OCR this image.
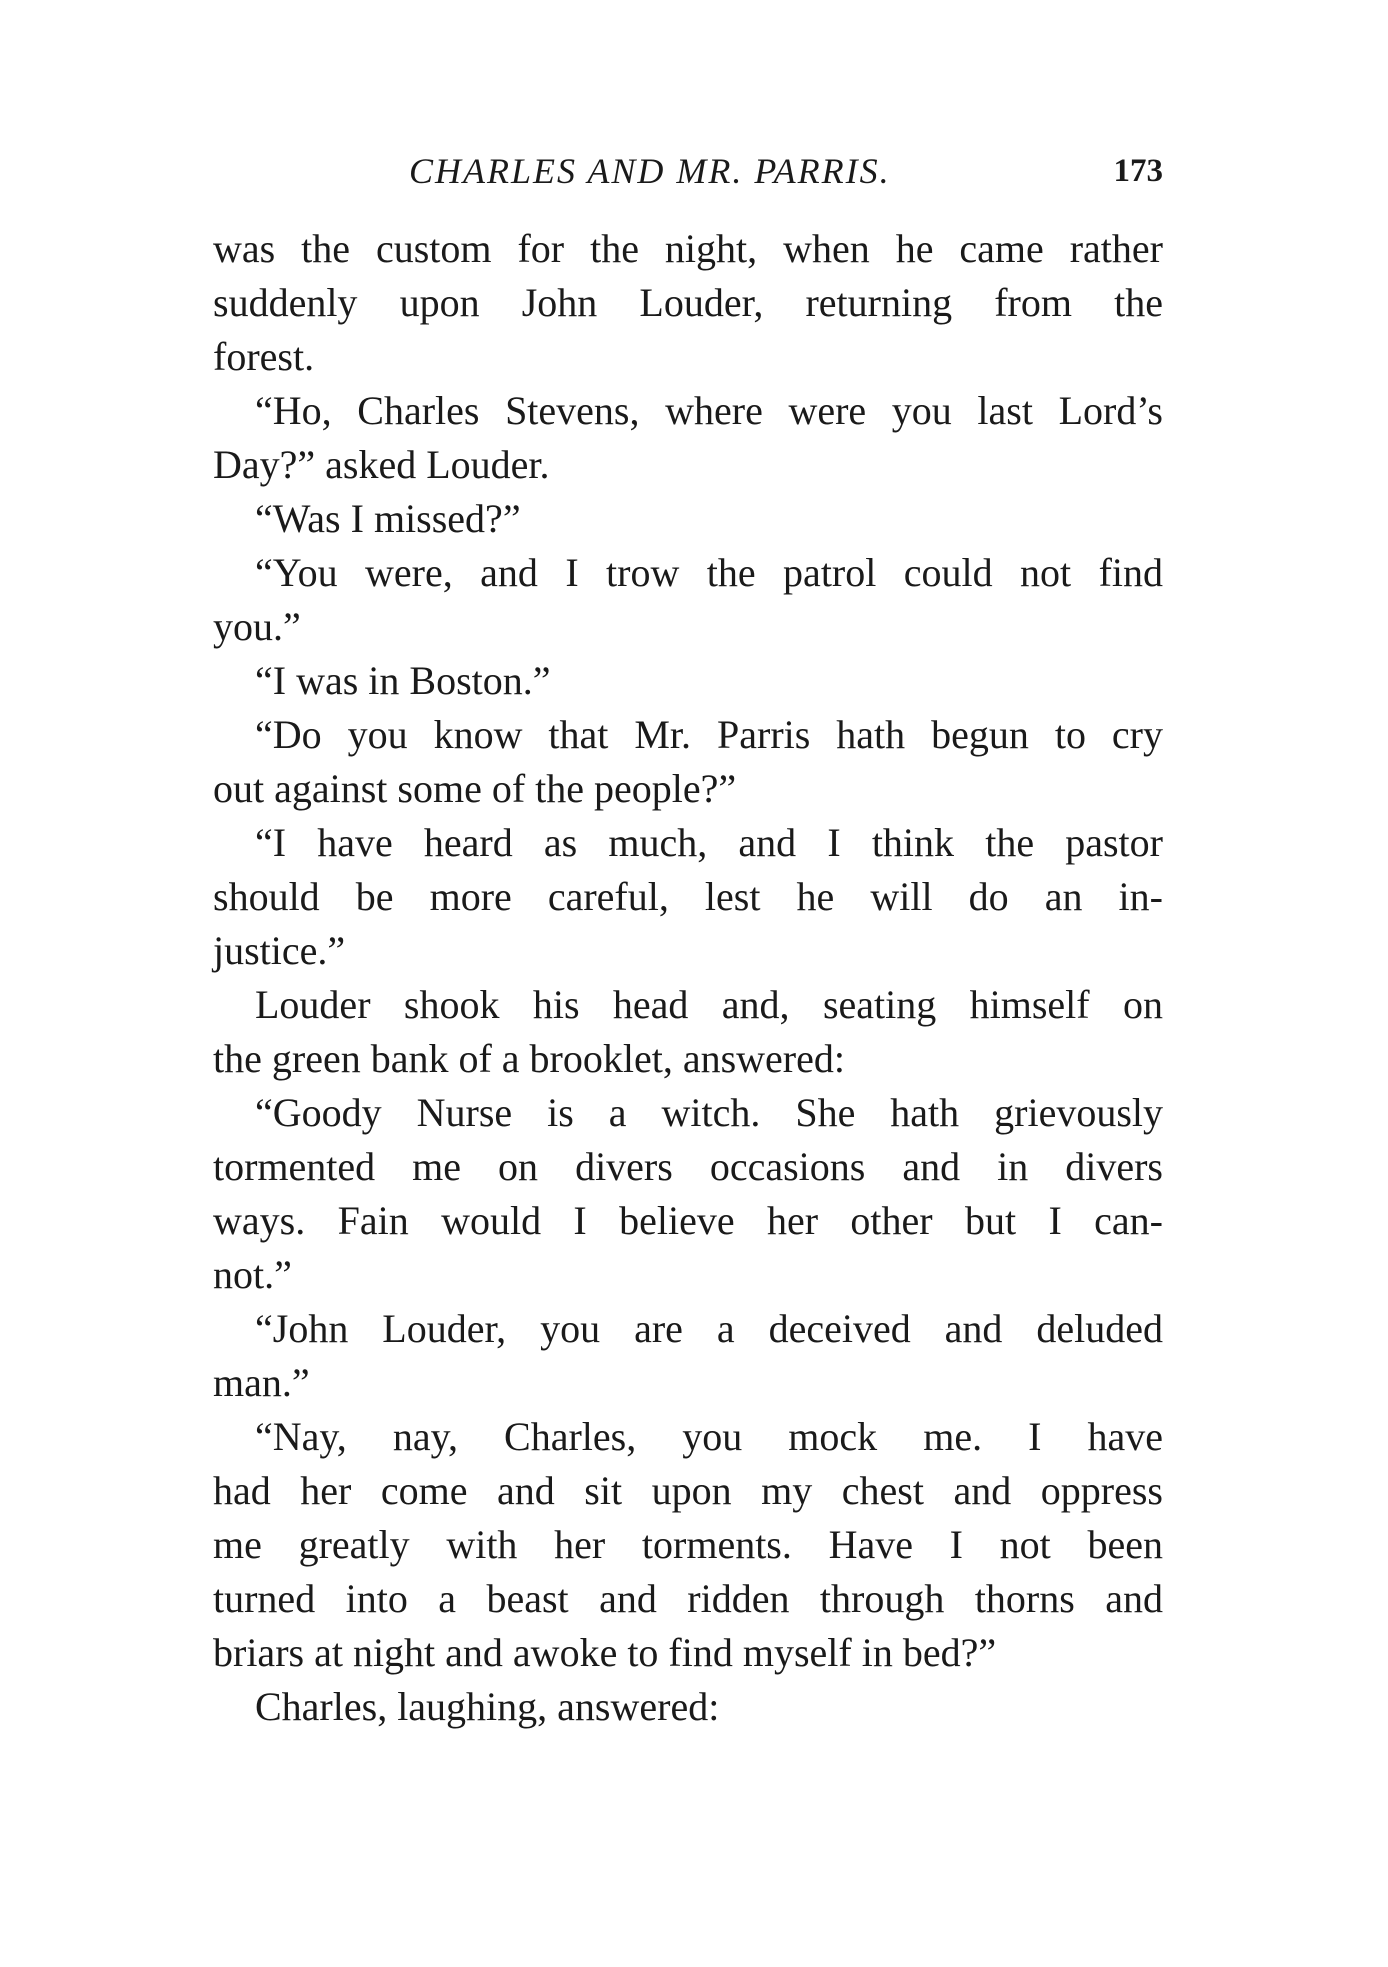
CHARLES AND MR. PARRIS.	173
was the custom for the night, when he came rather
suddenly upon John Louder, returning from the
forest.
“Ho, Charles Stevens, where were you last Lord’s
Day?” asked Louder.
“Was I missed?”
“You were, and I trow the patrol could not find
you.”
“I was in Boston.”
“Do you know that Mr. Parris hath begun to cry
out against some of the people?”
“I have heard as much, and I think the pastor
should be more careful, lest he will do an in-
justice.”
Louder shook his head and, seating himself on
the green bank of a brooklet, answered:
“Goody Nurse is a witch. She hath grievously
tormented me on divers occasions and in divers
ways. Fain would I believe her other but I can-
not.”
“John Louder, you are a deceived and deluded
man.”
“Nay, nay, Charles, you mock me. I have
had her come and sit upon my chest and oppress
me greatly with her torments. Have I not been
turned into a beast and ridden through thorns and
briars at night and awoke to find myself in bed?”
Charles, laughing, answered:
